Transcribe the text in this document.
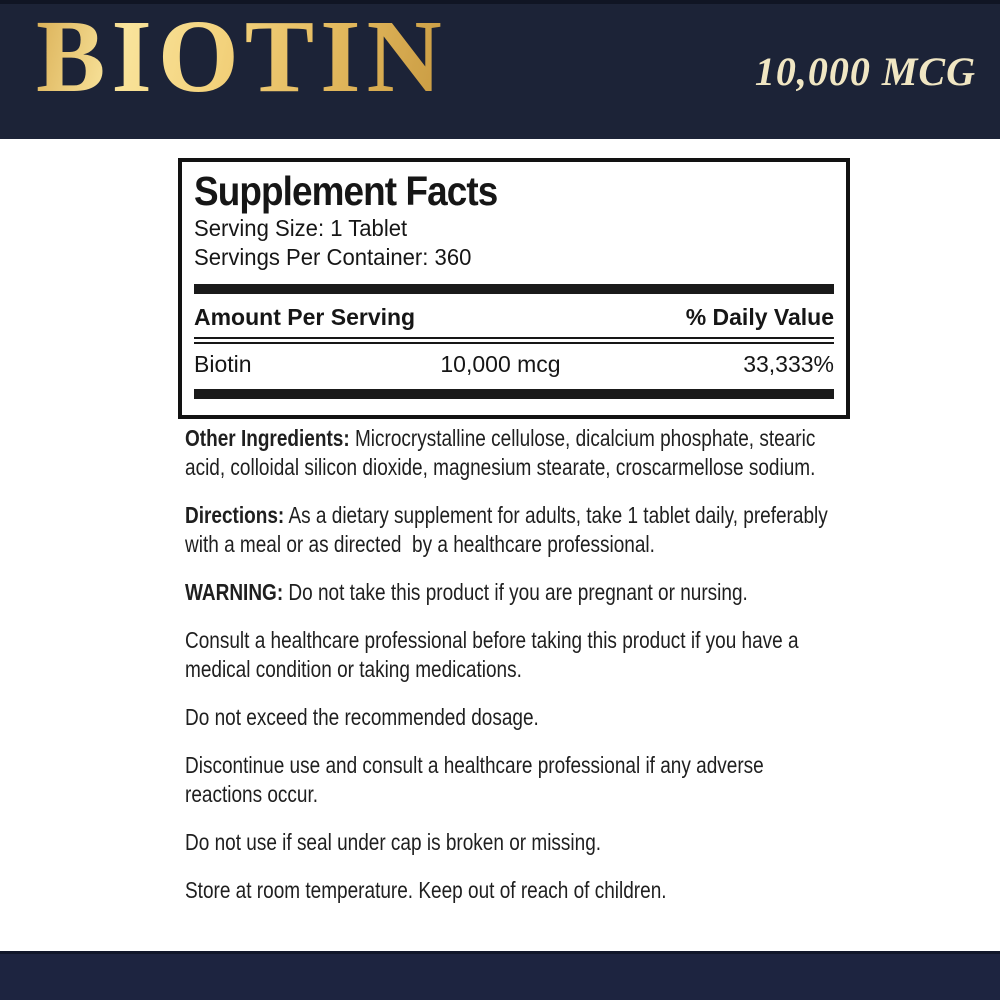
BIOTIN	10,000 MCG
Supplement Facts
Serving Size: 1 Tablet
Servings Per Container: 360
Amount Per Serving	% Daily Value
Biotin	10,000 mcg	33,333%

Other Ingredients: Microcrystalline cellulose, dicalcium phosphate, stearic acid, colloidal silicon dioxide, magnesium stearate, croscarmellose sodium.

Directions: As a dietary supplement for adults, take 1 tablet daily, preferably with a meal or as directed  by a healthcare professional.

WARNING: Do not take this product if you are pregnant or nursing.

Consult a healthcare professional before taking this product if you have a medical condition or taking medications.

Do not exceed the recommended dosage.

Discontinue use and consult a healthcare professional if any adverse reactions occur.

Do not use if seal under cap is broken or missing.

Store at room temperature. Keep out of reach of children.
